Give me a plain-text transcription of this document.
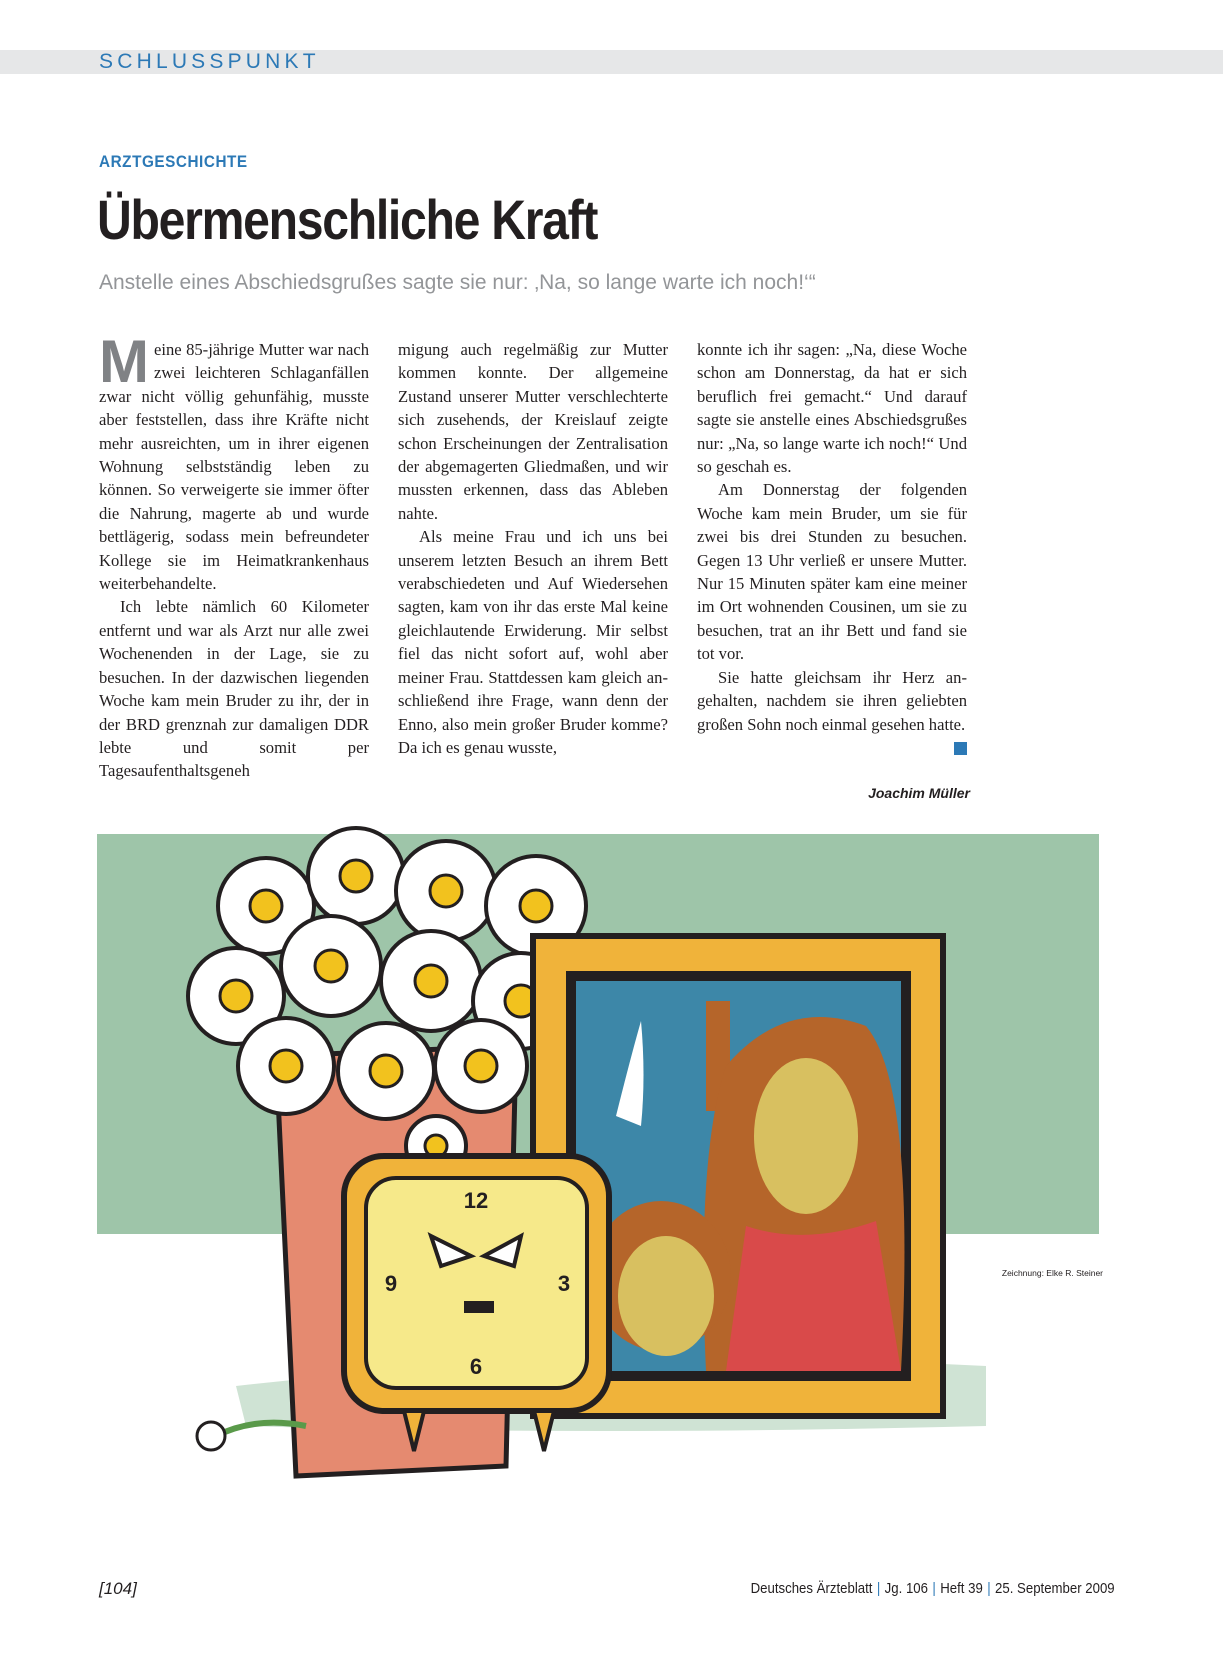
SCHLUSSPUNKT
ARZTGESCHICHTE
Übermenschliche Kraft
Anstelle eines Abschiedsgrußes sagte sie nur: ‚Na, so lange warte ich noch!‘“

Meine 85-jährige Mutter war nach zwei leichteren Schlaganfällen zwar nicht völlig gehunfähig, musste aber feststellen, dass ihre Kräfte nicht mehr ausreichten, um in ihrer eigenen Wohnung selbstständig leben zu können. So verweigerte sie immer öfter die Nahrung, magerte ab und wurde bettlägerig, sodass mein befreundeter Kollege sie im Heimatkrankenhaus weiterbehandelte.

Ich lebte nämlich 60 Kilometer entfernt und war als Arzt nur alle zwei Wochenenden in der Lage, sie zu besuchen. In der dazwischen liegenden Woche kam mein Bruder zu ihr, der in der BRD grenznah zur damaligen DDR lebte und somit per Tagesaufenthaltsgeneh

migung auch regelmäßig zur Mutter kommen konnte. Der allgemeine Zustand unserer Mutter verschlechterte sich zusehends, der Kreislauf zeigte schon Erscheinungen der Zentralisation der abgemagerten Gliedmaßen, und wir mussten erkennen, dass das Ableben nahte.

Als meine Frau und ich uns bei unserem letzten Besuch an ihrem Bett verabschiedeten und Auf Wiedersehen sagten, kam von ihr das erste Mal keine gleichlautende Erwiderung. Mir selbst fiel das nicht sofort auf, wohl aber meiner Frau. Stattdessen kam gleich anschließend ihre Frage, wann denn der Enno, also mein großer Bruder komme? Da ich es genau wusste,

konnte ich ihr sagen: „Na, diese Woche schon am Donnerstag, da hat er sich beruflich frei gemacht.“ Und darauf sagte sie anstelle eines Abschiedsgrußes nur: „Na, so lange warte ich noch!“ Und so geschah es.

Am Donnerstag der folgenden Woche kam mein Bruder, um sie für zwei bis drei Stunden zu besuchen. Gegen 13 Uhr verließ er unsere Mutter. Nur 15 Minuten später kam eine meiner im Ort wohnenden Cousinen, um sie zu besuchen, trat an ihr Bett und fand sie tot vor.

Sie hatte gleichsam ihr Herz angehalten, nachdem sie ihren geliebten großen Sohn noch einmal gesehen hatte.

Joachim Müller
12
3
6
9	Zeichnung: Elke R. Steiner
[104]	Deutsches Ärzteblatt | Jg. 106 | Heft 39 | 25. September 2009
